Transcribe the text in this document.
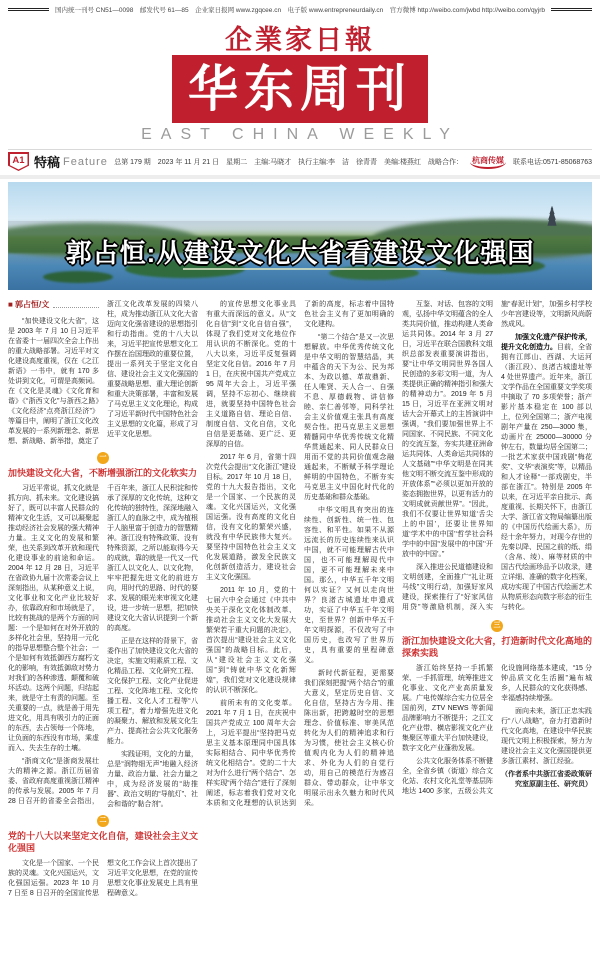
国内统一刊号 CN51—0098　邮发代号 61—85　企业家日报网 www.zgqcee.cn　电子版 www.entrepreneurdaily.cn　官方微博 http://weibo.com/jwbd http://weibo.com/qyjrb
企業家日報
华东周刊
EAST CHINA WEEKLY
A1 特稿 Feature 总第 179 期 2023 年 11 月 21 日 星期二 主编:马晓才　执行主编:李　洁　徐青青　美编:楼燕红 战略合作： 杭商传媒 联系电话:0571-85068763
郭占恒:从建设文化大省看建设文化强国
■ 郭占恒/文

“加快建设文化大省”，这是 2003 年 7 月 10 日习近平在省委十一届四次全会上作出的重大战略部署。习近平对文化建设高度重视，仅在《之江新语》一书中，就有 170 多处讲到文化，可谓是高频词。在《文化是灵魂》《文化育和谐》《“浙西文化”与浙西之路》《文化经济“点亮浙江经济”》等篇目中，阐明了浙江文化改革发展的一系列新理念、新思想、新战略、新举措，奠定了浙江文化改革发展的四梁八柱，成为推动浙江从文化大省迈向文化强省建设的思想指引和行动指南。党的十八大以来，习近平把宣传思想文化工作摆在治国理政的重要位置，提出一系列关于坚定文化自信、建设社会主义文化强国的重要战略思想、重大理论创新和重大决策部署，丰富和发展了马克思主义文化理论，构成了习近平新时代中国特色社会主义思想的文化篇，形成了习近平文化思想。

一
加快建设文化大省，不断增强浙江的文化软实力

习近平常说，抓文化就是抓方向、抓未来。文化建设搞好了，既可以丰富人民群众的精神文化生活，又可以凝聚起推动经济社会发展的强大精神力量。主义文化的发展和繁荣，也关系到改革开放和现代化建设事业的前途和命运。2004 年 12 月 28 日，习近平在省政协九届十次常委会议上深刻指出，从某种意义上说，文化事业和文化产业比较好办，依靠政府和市场就是了，比较有挑战的是两个方面的问题：一个是如何在对外开放的多样化社会里，坚持用一元化的指导思想整合整个社会；一个是如何有效抵御西方腐朽文化的影响，有效抵御敌对势力对我们的各种渗透、颠覆和破坏活动。这两个问题，归结起来，就是守土有责的问题。至关重要的一点，就是善于用先进文化，用具有吸引力的正面的东西，去占领每一个阵地，让负面的东西没有市场，乘虚而入、失去生存的土壤。

“浙商文化”是浙商发展壮大的精神之源。浙江历届省委、省政府高度重视浙江精神的传承与发展。2005 年 7 月 28 日召开的省委全会指出，千百年来，浙江人民积淀和传承了深厚的文化传统，这种文化传统的独特性，深深地融入浙江人的血脉之中，成为植根于人脑里富于创造力的智慧精神。浙江没有特殊政策、没有特殊资源，之所以能取得今天的成就，靠的就是一代又一代浙江人以文化人、以文化物，牢牢把握先进文化的前进方向，用时代的思路、时代的要求、发展的眼光来审视文化建设，进一步统一思想，把加快建设文化大省认识提到一个新的高度。

正是在这样的背景下，省委作出了加快建设文化大省的决定，实施文明素质工程、文化精品工程、文化研究工程、文化保护工程、文化产业促进工程、文化阵地工程、文化传播工程、文化人才工程等“八项工程”，着力增强先进文化的凝聚力、解放和发展文化生产力、提高社会公共文化服务能力。

实践证明，文化的力量，总是“润物细无声”地融入经济力量、政治力量、社会力量之中，成为经济发展的“助推器”、政治文明的“导航灯”、社会和谐的“黏合剂”。

二
党的十八大以来坚定文化自信，建设社会主义文化强国

文化是一个国家、一个民族的灵魂。文化兴国运兴，文化强国运强。2023 年 10 月 7 日至 8 日召开的全国宣传思想文化工作会议上首次提出了习近平文化思想，在党的宣传思想文化事业发展史上具有里程碑意义。

的宣传思想文化事业具有重大而深远的意义。从“文化自信”到“文化自信自强”，体现了我们党对文化地位作用认识的不断深化。党的十八大以来，习近平反复强调坚定文化自信。2016 年 7 月 1 日，在庆祝中国共产党成立 95 周年大会上，习近平强调，坚持不忘初心、继续前进，就要坚持中国特色社会主义道路自信、理论自信、制度自信、文化自信，文化自信是更基础、更广泛、更深厚的自信。

2017 年 6 月，省第十四次党代会提出“文化浙江”建设目标。2017 年 10 月 18 日，党的十九大报告指出，文化是一个国家、一个民族的灵魂。文化兴国运兴，文化强国运强。没有高度的文化自信，没有文化的繁荣兴盛，就没有中华民族伟大复兴。要坚持中国特色社会主义文化发展道路，激发全民族文化创新创造活力，建设社会主义文化强国。

2011 年 10 月，党的十七届六中全会通过《中共中央关于深化文化体制改革、推动社会主义文化大发展大繁荣若干重大问题的决定》，首次提出“建设社会主义文化强国”的战略目标。此后，从“建设社会主义文化强国”到“铸就中华文化新辉煌”，我们党对文化建设规律的认识不断深化。

前所未有的文化变革。2021 年 7 月 1 日，在庆祝中国共产党成立 100 周年大会上，习近平提出“坚持把马克思主义基本原理同中国具体实际相结合、同中华优秀传统文化相结合”。党的二十大对为什么进行“两个结合”、怎样实现“两个结合”进行了深刻阐述，标志着我们党对文化本质和文化理想的认识达到了新的高度，标志着中国特色社会主义有了更加明确的文化建构。

“第二个结合”是又一次思想解放。中华优秀传统文化是中华文明的智慧结晶，其中蕴含的天下为公、民为邦本、为政以德、革故鼎新、任人唯贤、天人合一、自强不息、厚德载物、讲信修睦、亲仁善邻等，同科学社会主义价值观主张具有高度契合性。把马克思主义思想精髓同中华优秀传统文化精华贯通起来、同人民群众日用而不觉的共同价值观念融通起来，不断赋予科学理论鲜明的中国特色，不断夯实马克思主义中国化时代化的历史基础和群众基础。

中华文明具有突出的连续性、创新性、统一性、包容性、和平性。如果不从源远流长的历史连续性来认识中国，就不可能理解古代中国，也不可能理解现代中国，更不可能理解未来中国。那么，中华五千年文明何以实证？又何以走向世界？良渚古城遗址申遗成功，实证了中华五千年文明史，至世界？创新中华五千年文明探源，不仅改写了中国历史，也改写了世界历史，具有重要的里程碑意义。

新时代新征程，更需要我们深刻把握“两个结合”的重大意义，坚定历史自信、文化自信，坚持古为今用、推陈出新，把跨越时空的思想理念、价值标准、审美风范转化为人们的精神追求和行为习惯，使社会主义核心价值观内化为人们的精神追求、外化为人们的自觉行动，用自己的模范行为感召群众、带动群众，让中华文明展示出永久魅力和时代风采。

互鉴、对话、包容的文明观，弘扬中华文明蕴含的全人类共同价值，推动构建人类命运共同体。2014 年 3 月 27 日，习近平在联合国教科文组织总部发表重要演讲指出，要“让中华文明同世界各国人民创造的多彩文明一道，为人类提供正确的精神指引和强大的精神动力”。2019 年 5 月 15 日，习近平在亚洲文明对话大会开幕式上的主旨演讲中强调，“我们要加强世界上不同国家、不同民族、不同文化的交流互鉴，夯实共建亚洲命运共同体、人类命运共同体的人文基础”“中华文明是在同其他文明不断交流互鉴中形成的开放体系”“必须以更加开放的姿态拥抱世界，以更有活力的文明成就贡献世界”。“因此，我们不仅要让世界知道‘舌尖上的中国’，还要让世界知道‘学术中的中国’‘哲学社会科学中的中国’‘发展中的中国’‘开放中的中国’。”

深入推进公民道德建设和文明创建，全面推广“礼让斑马线”文明行动，加强好家风建设，探索推行了“好家风信用贷”等激励机制，深入实施“春泥计划”，加强乡村学校少年宫建设等，文明新风尚蔚然成风。

加强文化遗产保护传承，提升文化创造力。目前，全省拥有江郎山、西湖、大运河（浙江段）、良渚古城遗址等 4 处世界遗产。近年来，浙江文学作品在全国重要文学奖项中摘取了 70 多项荣誉；浙产影片基本稳定在 100 部以上，位列全国第二；浙产电视剧年产量在 250—3000 集，动画片在 25000—30000 分钟左右，数量均居全国第二；一批艺术家获中国戏剧“梅花奖”、文华“表演奖”等，以精品和人才诠释“一部戏剧史，半部在浙江”。特别是 2005 年以来，在习近平亲自批示、高度重视、长期关怀下，由浙江大学、浙江省文物局编纂出版的《中国历代绘画大系》，历经十余年努力，对现今存世的先秦以降、民国之前的纸、绢（含帛、绫）、麻等材质的中国古代绘画珍品予以收录，建立详细、准确的数字化档案，成功实现了中国古代绘画艺术从物质形态向数字形态的衍生与转化。

三
浙江加快建设文化大省，打造新时代文化高地的探索实践

浙江始终坚持一手抓繁荣、一手抓管理，统筹推进文化事业、文化产业高质量发展。广电传媒综合实力位居全国前列，ZTV NEWS 等新闻品牌影响力不断提升；之江文化产业带、横店影视文化产业集聚区等重大平台加快建设，数字文化产业蓬勃发展。

公共文化服务体系不断健全，全省乡镇（街道）综合文化站、农村文化礼堂等基层阵地达 1400 多家，五级公共文化设施网络基本建成，“15 分钟品质文化生活圈”遍布城乡，人民群众的文化获得感、幸福感持续增强。

面向未来，浙江正忠实践行“八八战略”，奋力打造新时代文化高地，在建设中华民族现代文明上积极探索，努力为建设社会主义文化强国提供更多浙江素材、浙江经验。

（作者系中共浙江省委政策研究室原副主任、研究员）
